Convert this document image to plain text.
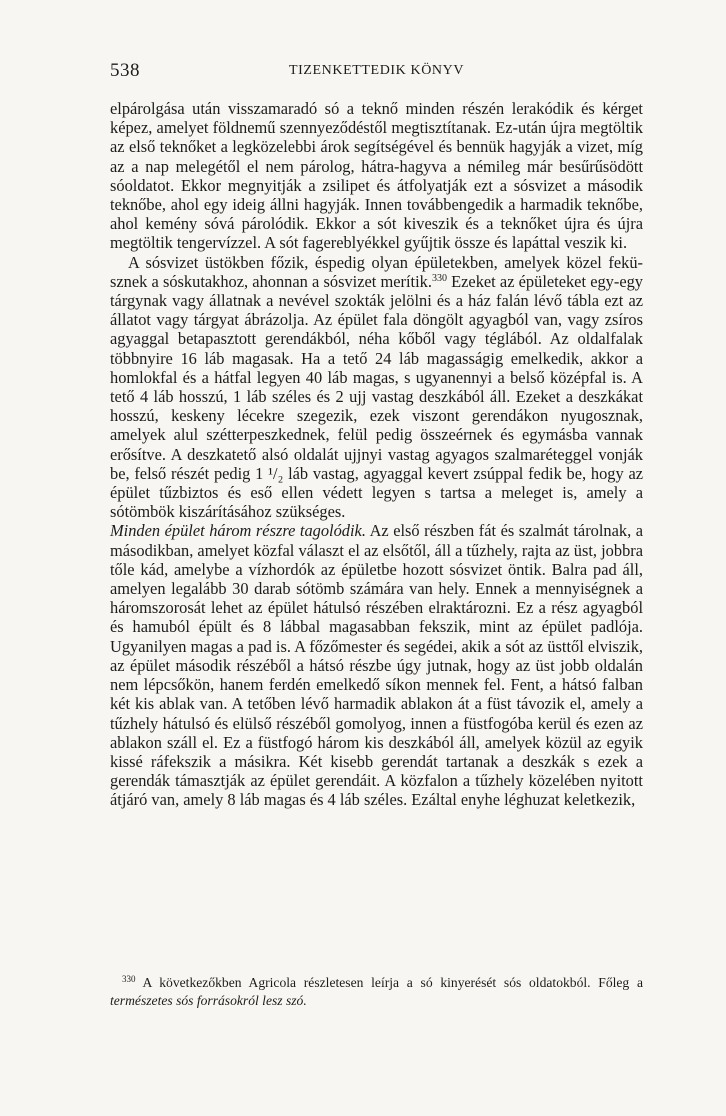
538	TIZENKETTEDIK KÖNYV

elpárolgása után visszamaradó só a teknő minden részén lerakódik és kérget képez, amelyet földnemű szennyeződéstől megtisztítanak. Ez-után újra megtöltik az első teknőket a legközelebbi árok segítségével és bennük hagyják a vizet, míg az a nap melegétől el nem párolog, hátra-hagyva a némileg már besűrűsödött sóoldatot. Ekkor megnyitják a zsilipet és átfolyatják ezt a sósvizet a második teknőbe, ahol egy ideig állni hagyják. Innen továbbengedik a harmadik teknőbe, ahol kemény sóvá párolódik. Ekkor a sót kiveszik és a teknőket újra és újra megtöltik tengervízzel. A sót fagereblyékkel gyűjtik össze és lapáttal veszik ki.

A sósvizet üstökben főzik, éspedig olyan épületekben, amelyek közel feküsznek a sóskutakhoz, ahonnan a sósvizet merítik.$^{330}$ Ezeket az épületeket egy-egy tárgynak vagy állatnak a nevével szokták jelölni és a ház falán lévő tábla ezt az állatot vagy tárgyat ábrázolja. Az épület fala döngölt agyagból van, vagy zsíros agyaggal betapasztott gerendákból, néha kőből vagy téglából. Az oldalfalak többnyire 16 láb magasak. Ha a tető 24 láb magasságig emelkedik, akkor a homlokfal és a hátfal legyen 40 láb magas, s ugyanennyi a belső középfal is. A tető 4 láb hosszú, 1 láb széles és 2 ujj vastag deszkából áll. Ezeket a deszkákat hosszú, keskeny lécekre szegezik, ezek viszont gerendákon nyugosznak, amelyek alul szétterpeszkednek, felül pedig összeérnek és egymásba vannak erősítve. A deszkatető alsó oldalát ujjnyi vastag agyagos szalmaréteggel vonják be, felső részét pedig 1 ¹/₂ láb vastag, agyaggal kevert zsúppal fedik be, hogy az épület tűzbiztos és eső ellen védett legyen s tartsa a meleget is, amely a sótömbök kiszárításához szükséges.

Minden épület három részre tagolódik. Az első részben fát és szalmát tárolnak, a másodikban, amelyet közfal választ el az elsőtől, áll a tűzhely, rajta az üst, jobbra tőle kád, amelybe a vízhordók az épületbe hozott sósvizet öntik. Balra pad áll, amelyen legalább 30 darab sótömb számára van hely. Ennek a mennyiségnek a háromszorosát lehet az épület hátulsó részében elraktározni. Ez a rész agyagból és hamuból épült és 8 lábbal magasabban fekszik, mint az épület padlója. Ugyanilyen magas a pad is. A főzőmester és segédei, akik a sót az üsttől elviszik, az épület második részéből a hátsó részbe úgy jutnak, hogy az üst jobb oldalán nem lépcsőkön, hanem ferdén emelkedő síkon mennek fel. Fent, a hátsó falban két kis ablak van. A tetőben lévő harmadik ablakon át a füst távozik el, amely a tűzhely hátulsó és elülső részéből gomolyog, innen a füstfogóba kerül és ezen az ablakon száll el. Ez a füstfogó három kis deszkából áll, amelyek közül az egyik kissé ráfekszik a másikra. Két kisebb gerendát tartanak a deszkák s ezek a gerendák támasztják az épület gerendáit. A közfalon a tűzhely közelében nyitott átjáró van, amely 8 láb magas és 4 láb széles. Ezáltal enyhe léghuzat keletkezik,

$^{330}$ A következőkben Agricola részletesen leírja a só kinyerését sós oldatokból. Főleg a természetes sós forrásokról lesz szó.
